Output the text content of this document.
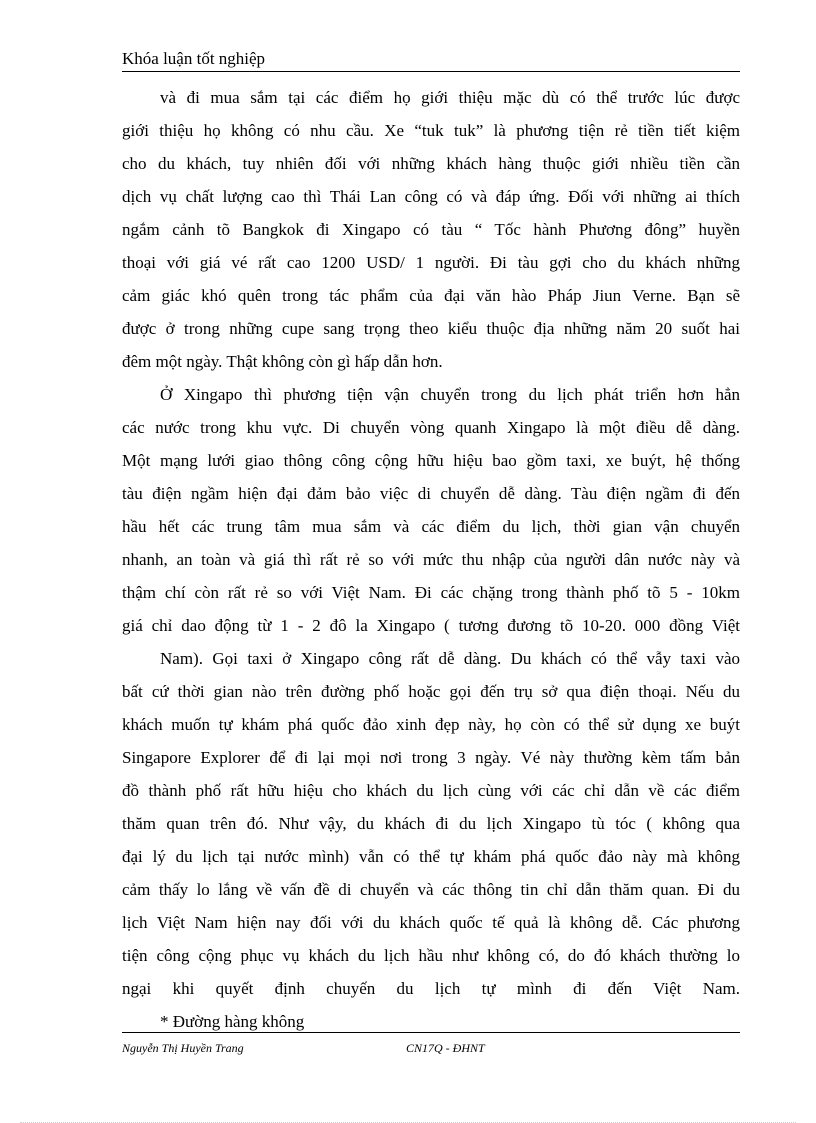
Khóa luận tốt nghiệp
và đi mua sắm tại các điểm họ giới thiệu mặc dù có thể trước lúc được
giới thiệu họ không có nhu cầu. Xe “tuk tuk” là phương tiện rẻ tiền tiết kiệm
cho du khách, tuy nhiên đối với những khách hàng thuộc giới nhiều tiền cần
dịch vụ chất lượng cao thì Thái Lan công có và đáp ứng. Đối với những ai thích
ngắm cảnh tõ Bangkok đi Xingapo có tàu “ Tốc hành Phương đông” huyền
thoại với giá vé rất cao 1200 USD/ 1 người. Đi tàu gợi cho du khách những
cảm giác khó quên trong tác phẩm của đại văn hào Pháp Jiun Verne. Bạn sẽ
được ở trong những cupe sang trọng theo kiểu thuộc địa những năm 20 suốt hai
đêm một ngày. Thật không còn gì hấp dẫn hơn.
Ở Xingapo thì phương tiện vận chuyển trong du lịch phát triển hơn hẳn
các nước trong khu vực. Di chuyển vòng quanh Xingapo là một điều dễ dàng.
Một mạng lưới giao thông công cộng hữu hiệu bao gồm taxi, xe buýt, hệ thống
tàu điện ngầm hiện đại đảm bảo việc di chuyển dễ dàng. Tàu điện ngầm đi đến
hầu hết các trung tâm mua sắm và các điểm du lịch, thời gian vận chuyển
nhanh, an toàn và giá thì rất rẻ so với mức thu nhập của người dân nước này và
thậm chí còn rất rẻ so với Việt Nam. Đi các chặng trong thành phố tõ 5 - 10km
giá chỉ dao động từ 1 - 2 đô la Xingapo ( tương đương tõ 10-20. 000 đồng Việt
Nam). Gọi taxi ở Xingapo công rất dễ dàng. Du khách có thể vẫy taxi vào
bất cứ thời gian nào trên đường phố hoặc gọi đến trụ sở qua điện thoại. Nếu du
khách muốn tự khám phá quốc đảo xinh đẹp này, họ còn có thể sử dụng xe buýt
Singapore Explorer để đi lại mọi nơi trong 3 ngày. Vé này thường kèm tấm bản
đồ thành phố rất hữu hiệu cho khách du lịch cùng với các chỉ dẫn về các điểm
thăm quan trên đó. Như vậy, du khách đi du lịch Xingapo tù tóc ( không qua
đại lý du lịch tại nước mình) vẫn có thể tự khám phá quốc đảo này mà không
cảm thấy lo lắng về vấn đề di chuyển và các thông tin chỉ dẫn thăm quan. Đi du
lịch Việt Nam hiện nay đối với du khách quốc tế quả là không dễ. Các phương
tiện công cộng phục vụ khách du lịch hầu như không có, do đó khách thường lo
ngại khi quyết định chuyến du lịch tự mình đi đến Việt Nam.
* Đường hàng không
Nguyễn Thị Huyền Trang	CN17Q - ĐHNT
